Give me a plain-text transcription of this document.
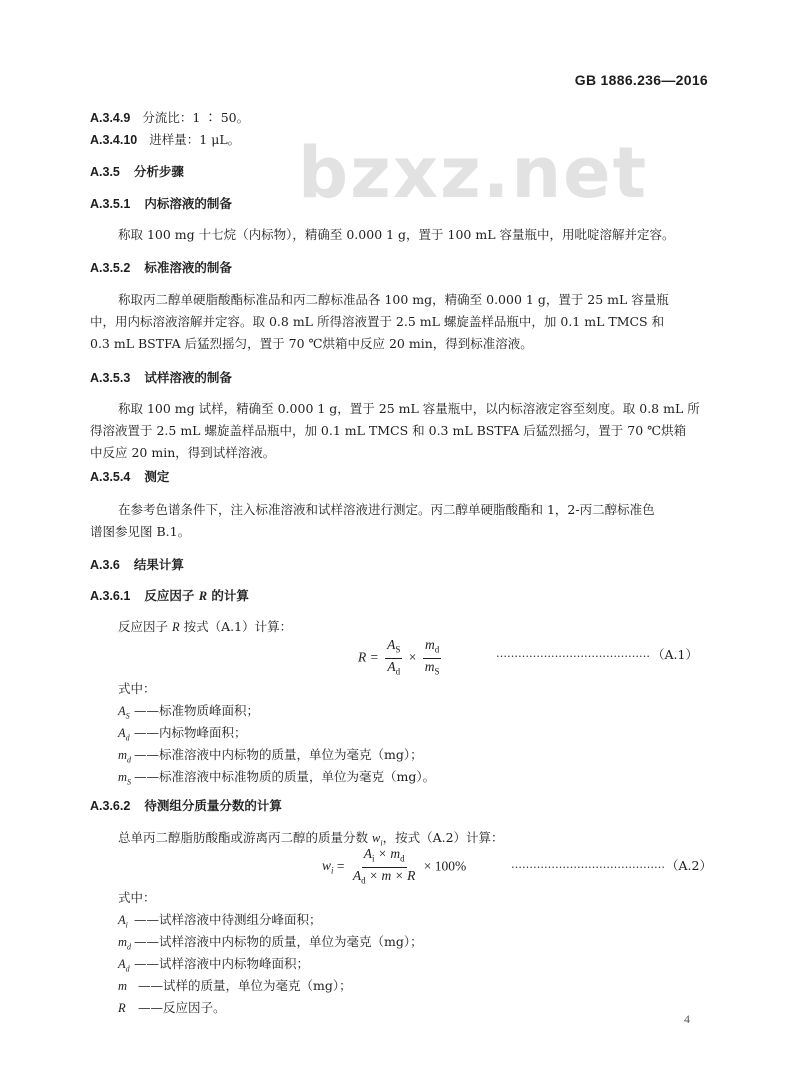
GB 1886.236—2016
bzxz.net
A.3.4.9 分流比：1 ∶ 50。
A.3.4.10 进样量：1 μL。
A.3.5 分析步骤
A.3.5.1 内标溶液的制备
称取 100 mg 十七烷（内标物），精确至 0.000 1 g，置于 100 mL 容量瓶中，用吡啶溶解并定容。
A.3.5.2 标准溶液的制备
称取丙二醇单硬脂酸酯标准品和丙二醇标准品各 100 mg，精确至 0.000 1 g，置于 25 mL 容量瓶
中，用内标溶液溶解并定容。取 0.8 mL 所得溶液置于 2.5 mL 螺旋盖样品瓶中，加 0.1 mL TMCS 和
0.3 mL BSTFA 后猛烈摇匀，置于 70 ℃烘箱中反应 20 min，得到标准溶液。
A.3.5.3 试样溶液的制备
称取 100 mg 试样，精确至 0.000 1 g，置于 25 mL 容量瓶中，以内标溶液定容至刻度。取 0.8 mL 所
得溶液置于 2.5 mL 螺旋盖样品瓶中，加 0.1 mL TMCS 和 0.3 mL BSTFA 后猛烈摇匀，置于 70 ℃烘箱
中反应 20 min，得到试样溶液。
A.3.5.4 测定
在参考色谱条件下，注入标准溶液和试样溶液进行测定。丙二醇单硬脂酸酯和 1，2-丙二醇标准色
谱图参见图 B.1。
A.3.6 结果计算
A.3.6.1 反应因子 R 的计算
反应因子 R 按式（A.1）计算：
$R = \frac{A_S}{A_d} \times \frac{m_d}{m_S}$	…………………………………… （A.1）
式中：
$A_S$ ——标准物质峰面积；
$A_d$ ——内标物峰面积；
$m_d$ ——标准溶液中内标物的质量，单位为毫克（mg）；
$m_S$ ——标准溶液中标准物质的质量，单位为毫克（mg）。
A.3.6.2 待测组分质量分数的计算
总单丙二醇脂肪酸酯或游离丙二醇的质量分数 $w_i$，按式（A.2）计算：
$w_i = \frac{A_i \times m_d}{A_d \times m \times R} \times 100\%$	…………………………………… （A.2）
式中：
$A_i$ ——试样溶液中待测组分峰面积；
$m_d$ ——试样溶液中内标物的质量，单位为毫克（mg）；
$A_d$ ——试样溶液中内标物峰面积；
m ——试样的质量，单位为毫克（mg）；
R ——反应因子。
4
